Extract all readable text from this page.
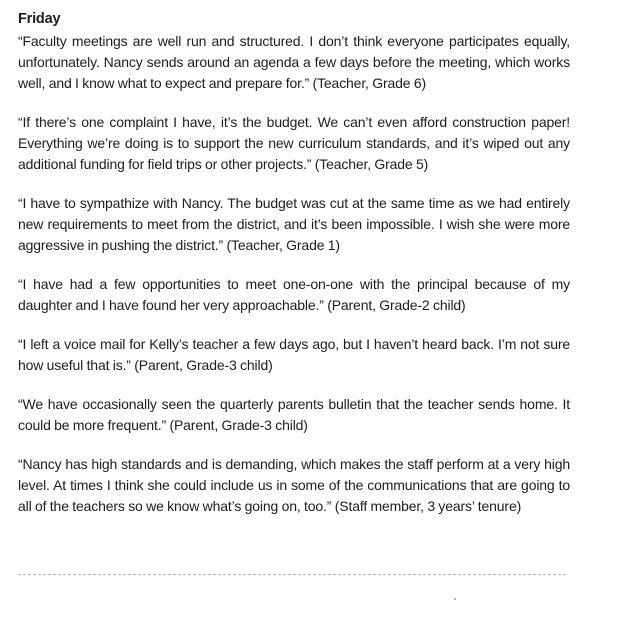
Friday

“Faculty meetings are well run and structured. I don’t think everyone participates equally, unfortunately. Nancy sends around an agenda a few days before the meeting, which works well, and I know what to expect and prepare for.” (Teacher, Grade 6)

“If there’s one complaint I have, it’s the budget. We can’t even afford construction paper! Everything we’re doing is to support the new curriculum standards, and it’s wiped out any additional funding for field trips or other projects.” (Teacher, Grade 5)

“I have to sympathize with Nancy. The budget was cut at the same time as we had entirely new requirements to meet from the district, and it’s been impossible. I wish she were more aggressive in pushing the district.” (Teacher, Grade 1)

“I have had a few opportunities to meet one-on-one with the principal because of my daughter and I have found her very approachable.” (Parent, Grade-2 child)

“I left a voice mail for Kelly’s teacher a few days ago, but I haven’t heard back. I’m not sure how useful that is.” (Parent, Grade-3 child)

“We have occasionally seen the quarterly parents bulletin that the teacher sends home. It could be more frequent.” (Parent, Grade-3 child)

“Nancy has high standards and is demanding, which makes the staff perform at a very high level. At times I think she could include us in some of the communications that are going to all of the teachers so we know what’s going on, too.” (Staff member, 3 years’ tenure)
